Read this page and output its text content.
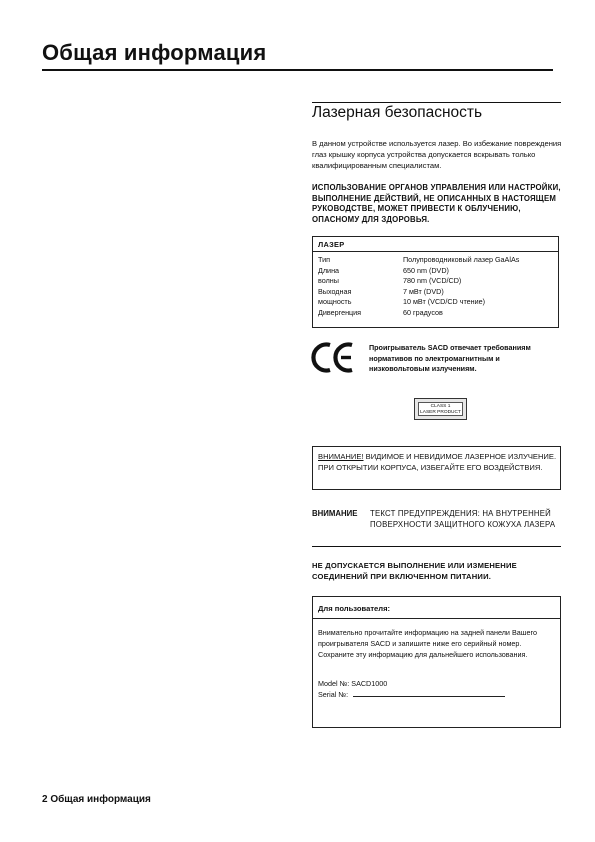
Общая информация
Лазерная безопасность
В данном устройстве используется лазер. Во избежание повреждения глаз крышку корпуса устройства допускается вскрывать только квалифицированным специалистам.
ИСПОЛЬЗОВАНИЕ ОРГАНОВ УПРАВЛЕНИЯ ИЛИ НАСТРОЙКИ, ВЫПОЛНЕНИЕ ДЕЙСТВИЙ, НЕ ОПИСАННЫХ В НАСТОЯЩЕМ РУКОВОДСТВЕ, МОЖЕТ ПРИВЕСТИ К ОБЛУЧЕНИЮ, ОПАСНОМУ ДЛЯ ЗДОРОВЬЯ.
ЛАЗЕР
Тип	Полупроводниковый лазер GaAlAs
Длина	650 nm (DVD)
волны	780 nm (VCD/CD)
Выходная	7 мВт (DVD)
мощность	10 мВт (VCD/CD чтение)
Дивергенция	60 градусов
Проигрыватель SACD отвечает требованиям нормативов по электромагнитным и низковольтовым излучениям.
CLASS 1
LASER PRODUCT
ВНИМАНИЕ! ВИДИМОЕ И НЕВИДИМОЕ ЛАЗЕРНОЕ ИЗЛУЧЕНИЕ. ПРИ ОТКРЫТИИ КОРПУСА, ИЗБЕГАЙТЕ ЕГО ВОЗДЕЙСТВИЯ.
ВНИМАНИЕ ТЕКСТ ПРЕДУПРЕЖДЕНИЯ: НА ВНУТРЕННЕЙ ПОВЕРХНОСТИ ЗАЩИТНОГО КОЖУХА ЛАЗЕРА
НЕ ДОПУСКАЕТСЯ ВЫПОЛНЕНИЕ ИЛИ ИЗМЕНЕНИЕ СОЕДИНЕНИЙ ПРИ ВКЛЮЧЕННОМ ПИТАНИИ.
Для пользователя:
Внимательно прочитайте информацию на задней панели Вашего проигрывателя SACD и запишите ниже его серийный номер. Сохраните эту информацию для дальнейшего использования.
Model №: SACD1000
Serial №:
2 Общая информация
